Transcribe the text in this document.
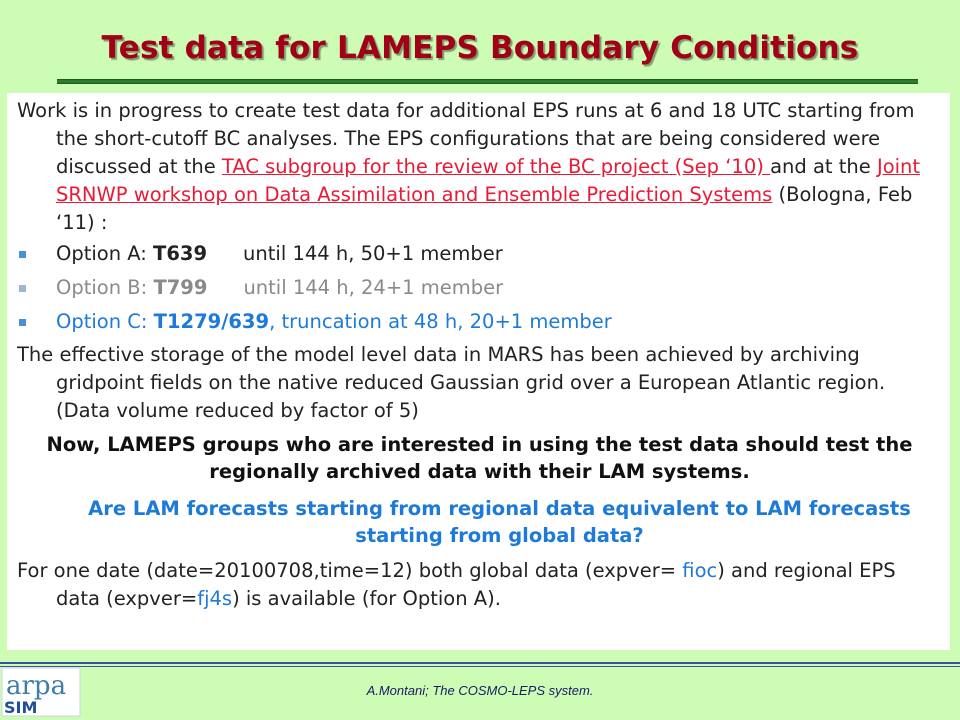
Test data for LAMEPS Boundary Conditions

Work is in progress to create test data for additional EPS runs at 6 and 18 UTC starting from the short-cutoff BC analyses. The EPS configurations that are being considered were discussed at the TAC subgroup for the review of the BC project (Sep ‘10) and at the Joint SRNWP workshop on Data Assimilation and Ensemble Prediction Systems (Bologna, Feb ‘11) :

Option A: T639 until 144 h, 50+1 member
Option B: T799 until 144 h, 24+1 member
Option C: T1279/639, truncation at 48 h, 20+1 member

The effective storage of the model level data in MARS has been achieved by archiving gridpoint fields on the native reduced Gaussian grid over a European Atlantic region. (Data volume reduced by factor of 5)

Now, LAMEPS groups who are interested in using the test data should test the regionally archived data with their LAM systems.

Are LAM forecasts starting from regional data equivalent to LAM forecasts starting from global data?

For one date (date=20100708,time=12) both global data (expver= fioc) and regional EPS data (expver=fj4s) is available (for Option A).

arpa
SIM
A.Montani; The COSMO-LEPS system.
